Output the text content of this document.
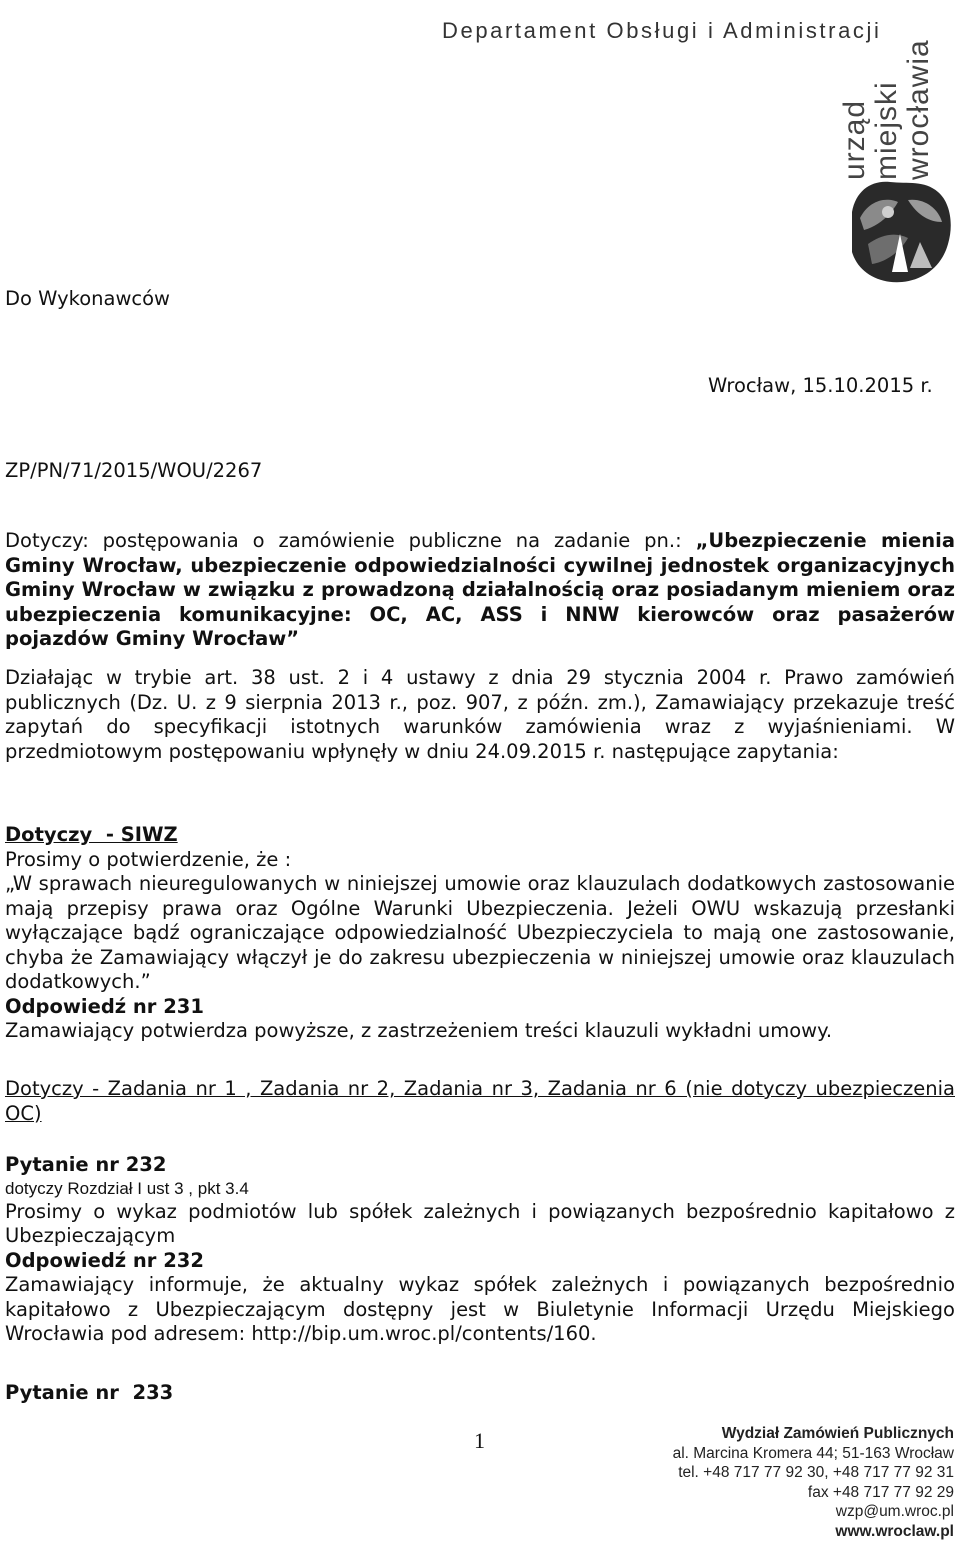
Departament Obsługi i Administracji
urząd miejski wrocławia
Do Wykonawców
Wrocław, 15.10.2015 r.
ZP/PN/71/2015/WOU/2267
Dotyczy: postępowania o zamówienie publiczne na zadanie pn.: „Ubezpieczenie mienia Gminy Wrocław, ubezpieczenie odpowiedzialności cywilnej jednostek organizacyjnych Gminy Wrocław w związku z prowadzoną działalnością oraz posiadanym mieniem oraz ubezpieczenia komunikacyjne: OC, AC, ASS i NNW kierowców oraz pasażerów pojazdów Gminy Wrocław”
Działając w trybie art. 38 ust. 2 i 4 ustawy z dnia 29 stycznia 2004 r. Prawo zamówień publicznych (Dz. U. z 9 sierpnia 2013 r., poz. 907, z późn. zm.), Zamawiający przekazuje treść zapytań do specyfikacji istotnych warunków zamówienia wraz z wyjaśnieniami. W przedmiotowym postępowaniu wpłynęły w dniu 24.09.2015 r. następujące zapytania:
Dotyczy  - SIWZ
Prosimy o potwierdzenie, że :
„W sprawach nieuregulowanych w niniejszej umowie oraz klauzulach dodatkowych zastosowanie mają przepisy prawa oraz Ogólne Warunki Ubezpieczenia. Jeżeli OWU wskazują przesłanki wyłączające bądź ograniczające odpowiedzialność Ubezpieczyciela to mają one zastosowanie, chyba że Zamawiający włączył je do zakresu ubezpieczenia w niniejszej umowie oraz klauzulach dodatkowych.”
Odpowiedź nr 231
Zamawiający potwierdza powyższe, z zastrzeżeniem treści klauzuli wykładni umowy.
Dotyczy - Zadania nr 1 , Zadania nr 2, Zadania nr 3, Zadania nr 6 (nie dotyczy ubezpieczenia OC)
Pytanie nr 232
dotyczy Rozdział I ust 3 , pkt 3.4
Prosimy o wykaz podmiotów lub spółek zależnych i powiązanych bezpośrednio kapitałowo z Ubezpieczającym
Odpowiedź nr 232
Zamawiający informuje, że aktualny wykaz spółek zależnych i powiązanych bezpośrednio kapitałowo z Ubezpieczającym dostępny jest w Biuletynie Informacji Urzędu Miejskiego Wrocławia pod adresem: http://bip.um.wroc.pl/contents/160.
Pytanie nr  233
1	Wydział Zamówień Publicznych
al. Marcina Kromera 44; 51-163 Wrocław
tel. +48 717 77 92 30, +48 717 77 92 31
fax +48 717 77 92 29
wzp@um.wroc.pl
www.wroclaw.pl
